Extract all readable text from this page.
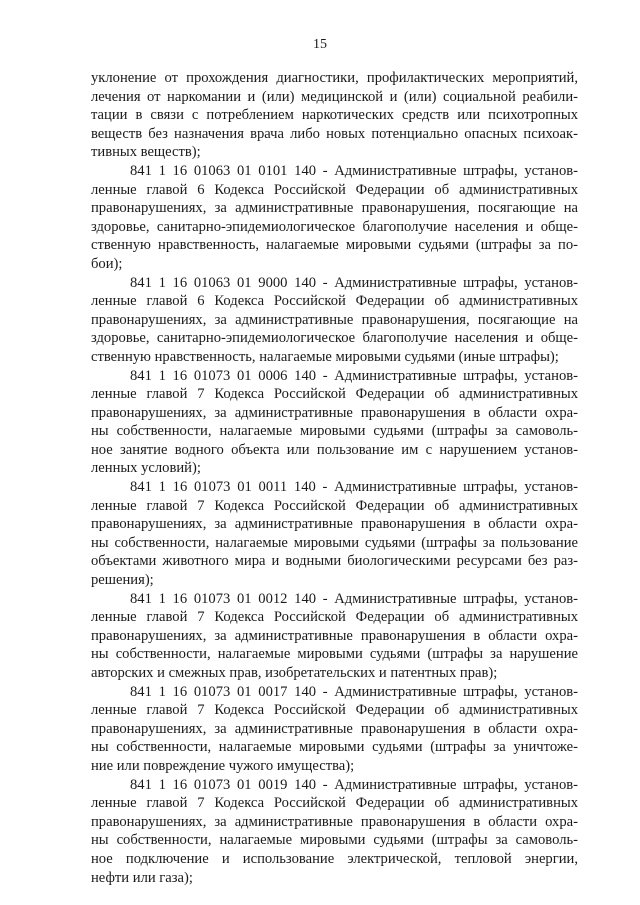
15
уклонение от прохождения диагностики, профилактических мероприятий,
лечения от наркомании и (или) медицинской и (или) социальной реабили-
тации в связи с потреблением наркотических средств или психотропных
веществ без назначения врача либо новых потенциально опасных психоак-
тивных веществ);
841 1 16 01063 01 0101 140 - Административные штрафы, установ-
ленные главой 6 Кодекса Российской Федерации об административных
правонарушениях, за административные правонарушения, посягающие на
здоровье, санитарно-эпидемиологическое благополучие населения и обще-
ственную нравственность, налагаемые мировыми судьями (штрафы за по-
бои);
841 1 16 01063 01 9000 140 - Административные штрафы, установ-
ленные главой 6 Кодекса Российской Федерации об административных
правонарушениях, за административные правонарушения, посягающие на
здоровье, санитарно-эпидемиологическое благополучие населения и обще-
ственную нравственность, налагаемые мировыми судьями (иные штрафы);
841 1 16 01073 01 0006 140 - Административные штрафы, установ-
ленные главой 7 Кодекса Российской Федерации об административных
правонарушениях, за административные правонарушения в области охра-
ны собственности, налагаемые мировыми судьями (штрафы за самоволь-
ное занятие водного объекта или пользование им с нарушением установ-
ленных условий);
841 1 16 01073 01 0011 140 - Административные штрафы, установ-
ленные главой 7 Кодекса Российской Федерации об административных
правонарушениях, за административные правонарушения в области охра-
ны собственности, налагаемые мировыми судьями (штрафы за пользование
объектами животного мира и водными биологическими ресурсами без раз-
решения);
841 1 16 01073 01 0012 140 - Административные штрафы, установ-
ленные главой 7 Кодекса Российской Федерации об административных
правонарушениях, за административные правонарушения в области охра-
ны собственности, налагаемые мировыми судьями (штрафы за нарушение
авторских и смежных прав, изобретательских и патентных прав);
841 1 16 01073 01 0017 140 - Административные штрафы, установ-
ленные главой 7 Кодекса Российской Федерации об административных
правонарушениях, за административные правонарушения в области охра-
ны собственности, налагаемые мировыми судьями (штрафы за уничтоже-
ние или повреждение чужого имущества);
841 1 16 01073 01 0019 140 - Административные штрафы, установ-
ленные главой 7 Кодекса Российской Федерации об административных
правонарушениях, за административные правонарушения в области охра-
ны собственности, налагаемые мировыми судьями (штрафы за самоволь-
ное подключение и использование электрической, тепловой энергии,
нефти или газа);
